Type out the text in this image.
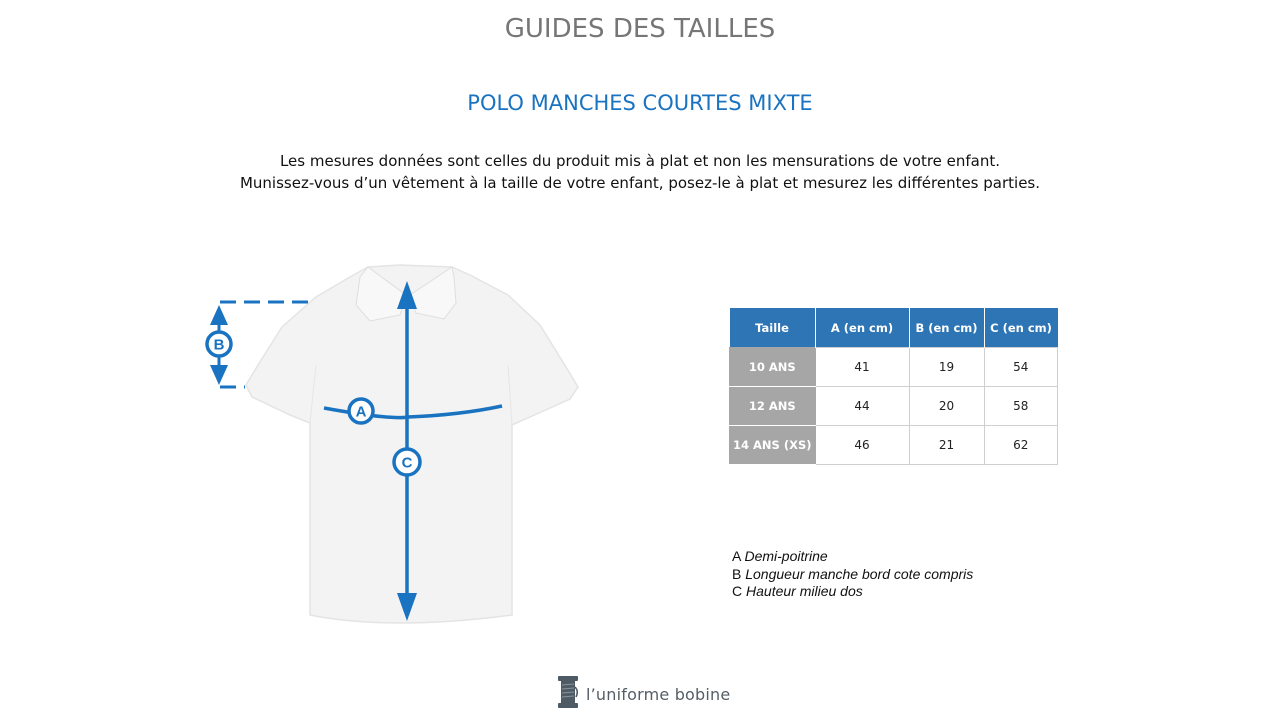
GUIDES DES TAILLES
POLO MANCHES COURTES MIXTE
Les mesures données sont celles du produit mis à plat et non les mensurations de votre enfant.
Munissez-vous d’un vêtement à la taille de votre enfant, posez-le à plat et mesurez les différentes parties.
B
A
C
Taille	A (en cm)	B (en cm)	C (en cm)
10 ANS	41	19	54
12 ANS	44	20	58
14 ANS (XS)	46	21	62
A Demi-poitrine
B Longueur manche bord cote compris
C Hauteur milieu dos
l’uniforme bobine
